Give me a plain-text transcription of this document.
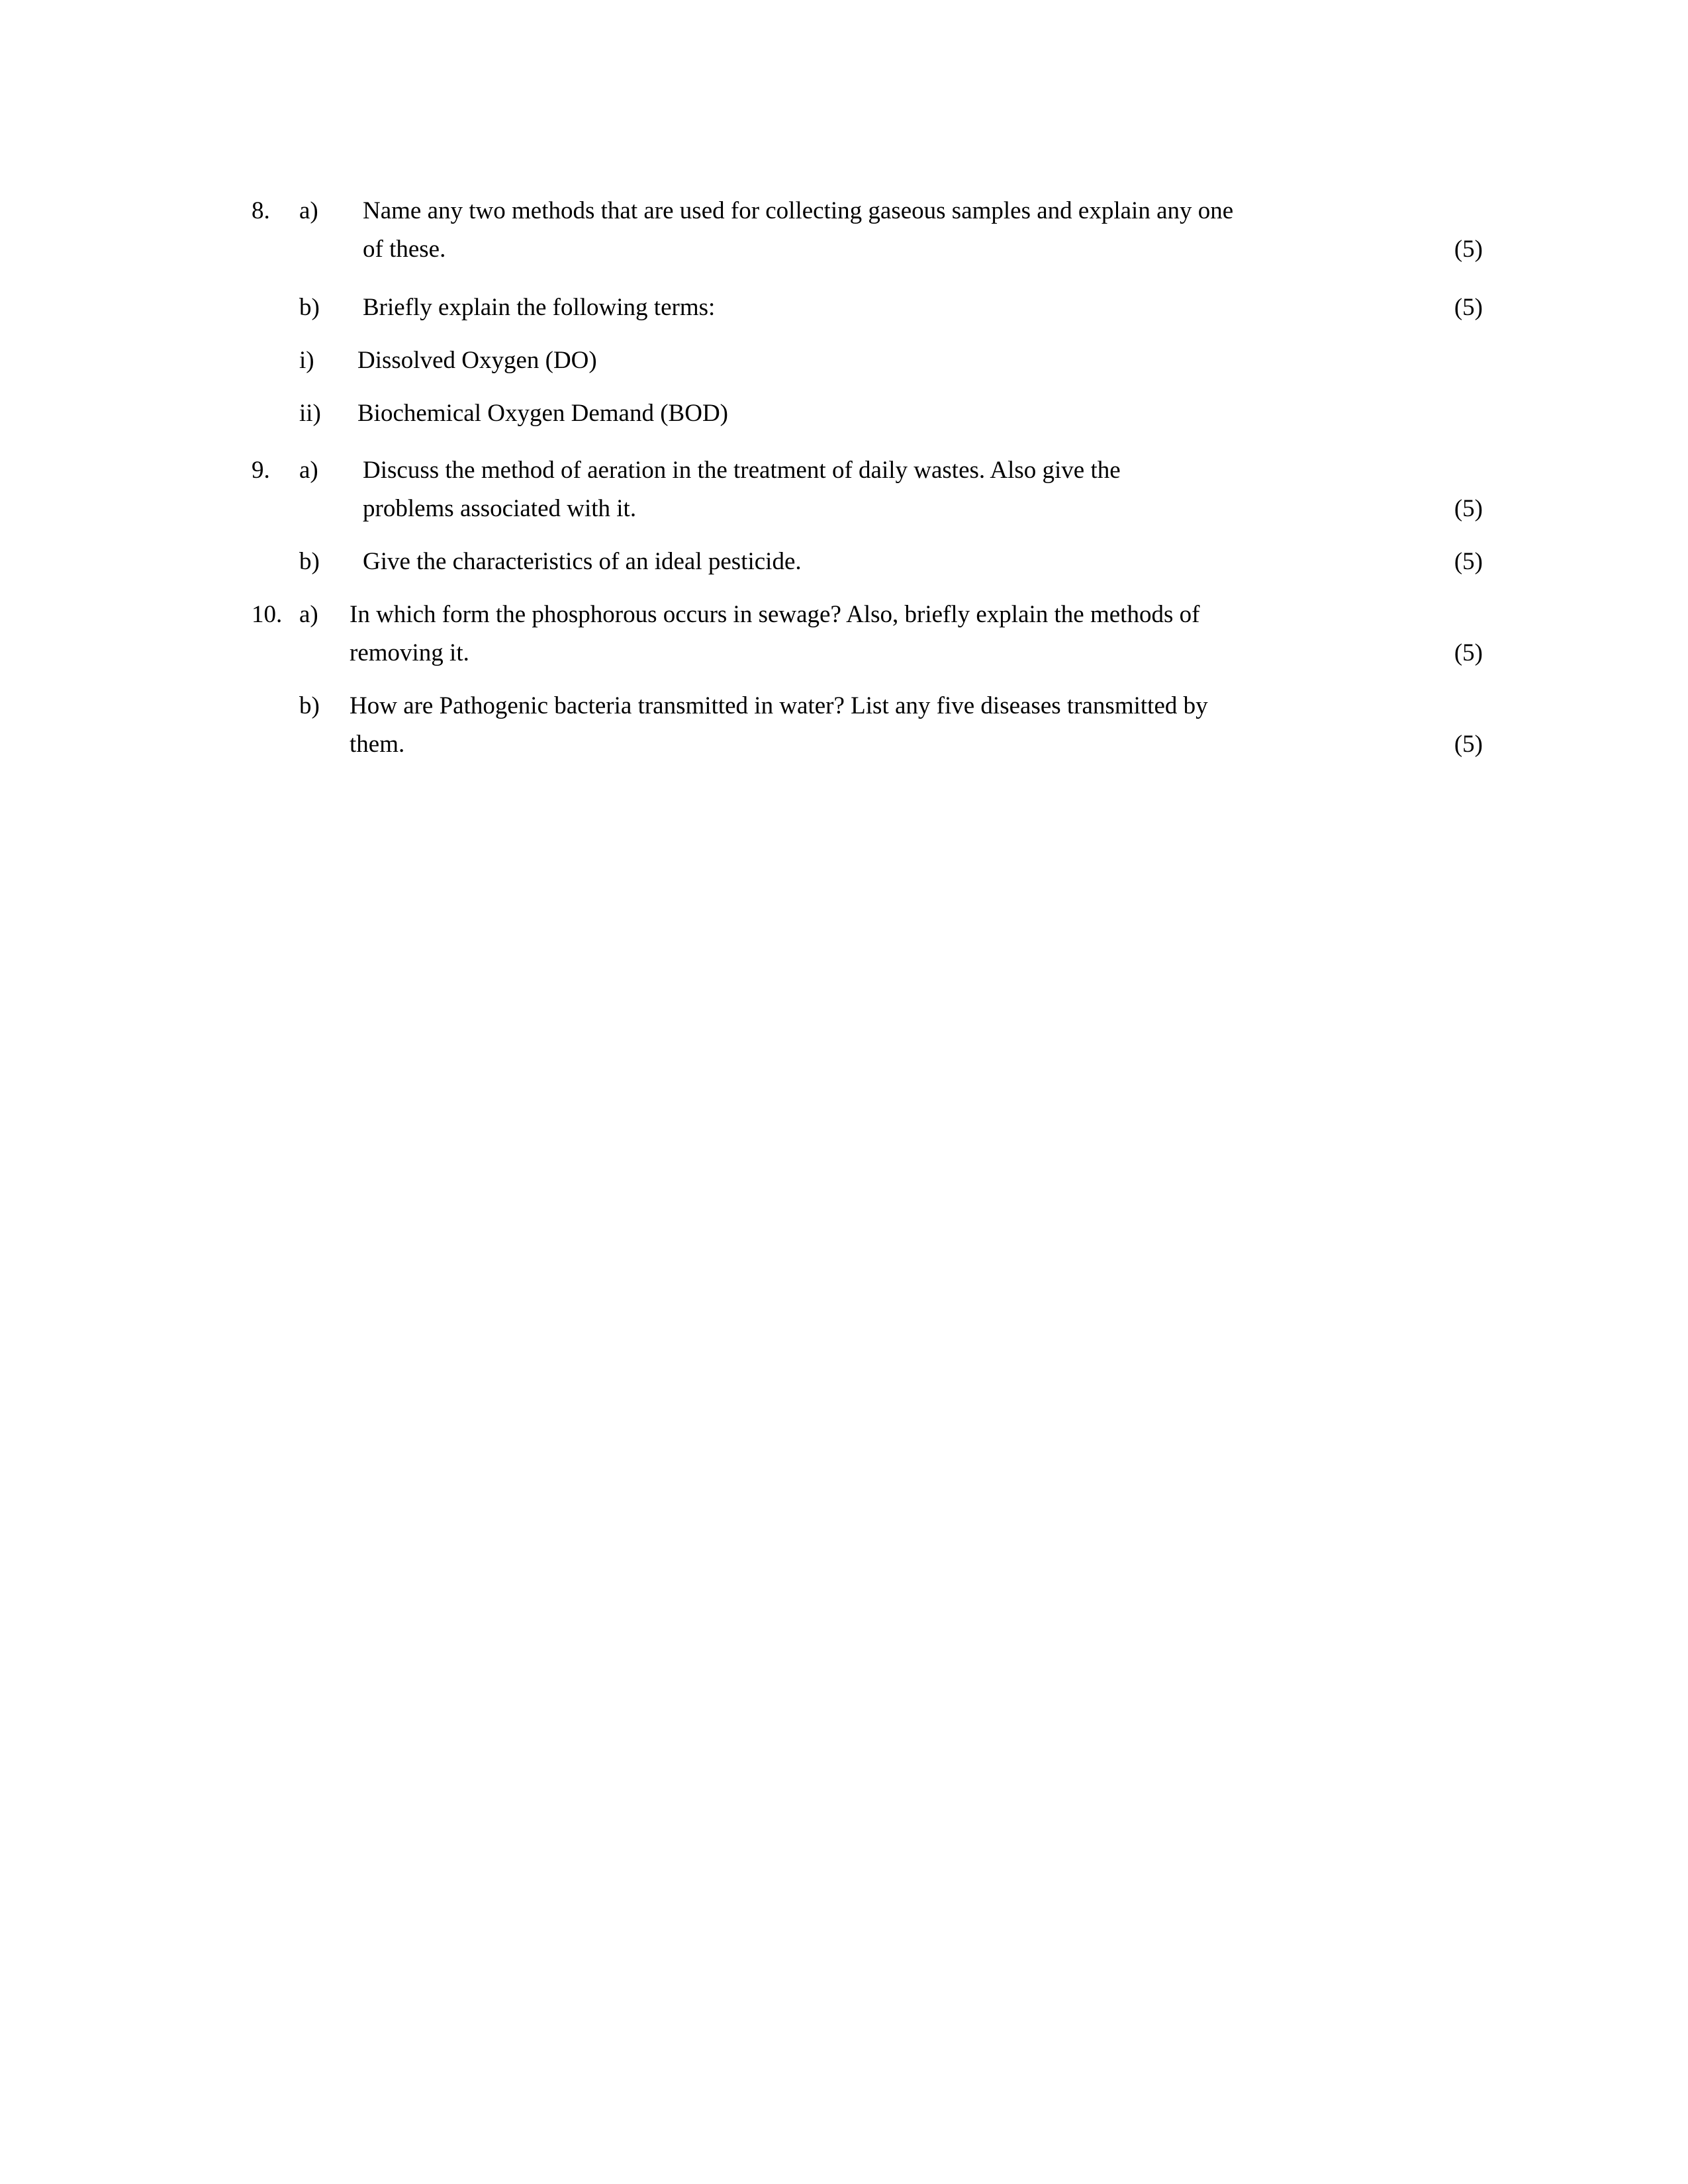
8.	a)	Name any two methods that are used for collecting gaseous samples and explain any one
of these.	(5)
b)	Briefly explain the following terms:	(5)
i)	Dissolved Oxygen (DO)
ii)	Biochemical Oxygen Demand (BOD)
9.	a)	Discuss the method of aeration in the treatment of daily wastes. Also give the
problems associated with it.	(5)
b)	Give the characteristics of an ideal pesticide.	(5)
10. a)	In which form the phosphorous occurs in sewage? Also, briefly explain the methods of
removing it.	(5)
b)	How are Pathogenic bacteria transmitted in water? List any five diseases transmitted by
them.	(5)
